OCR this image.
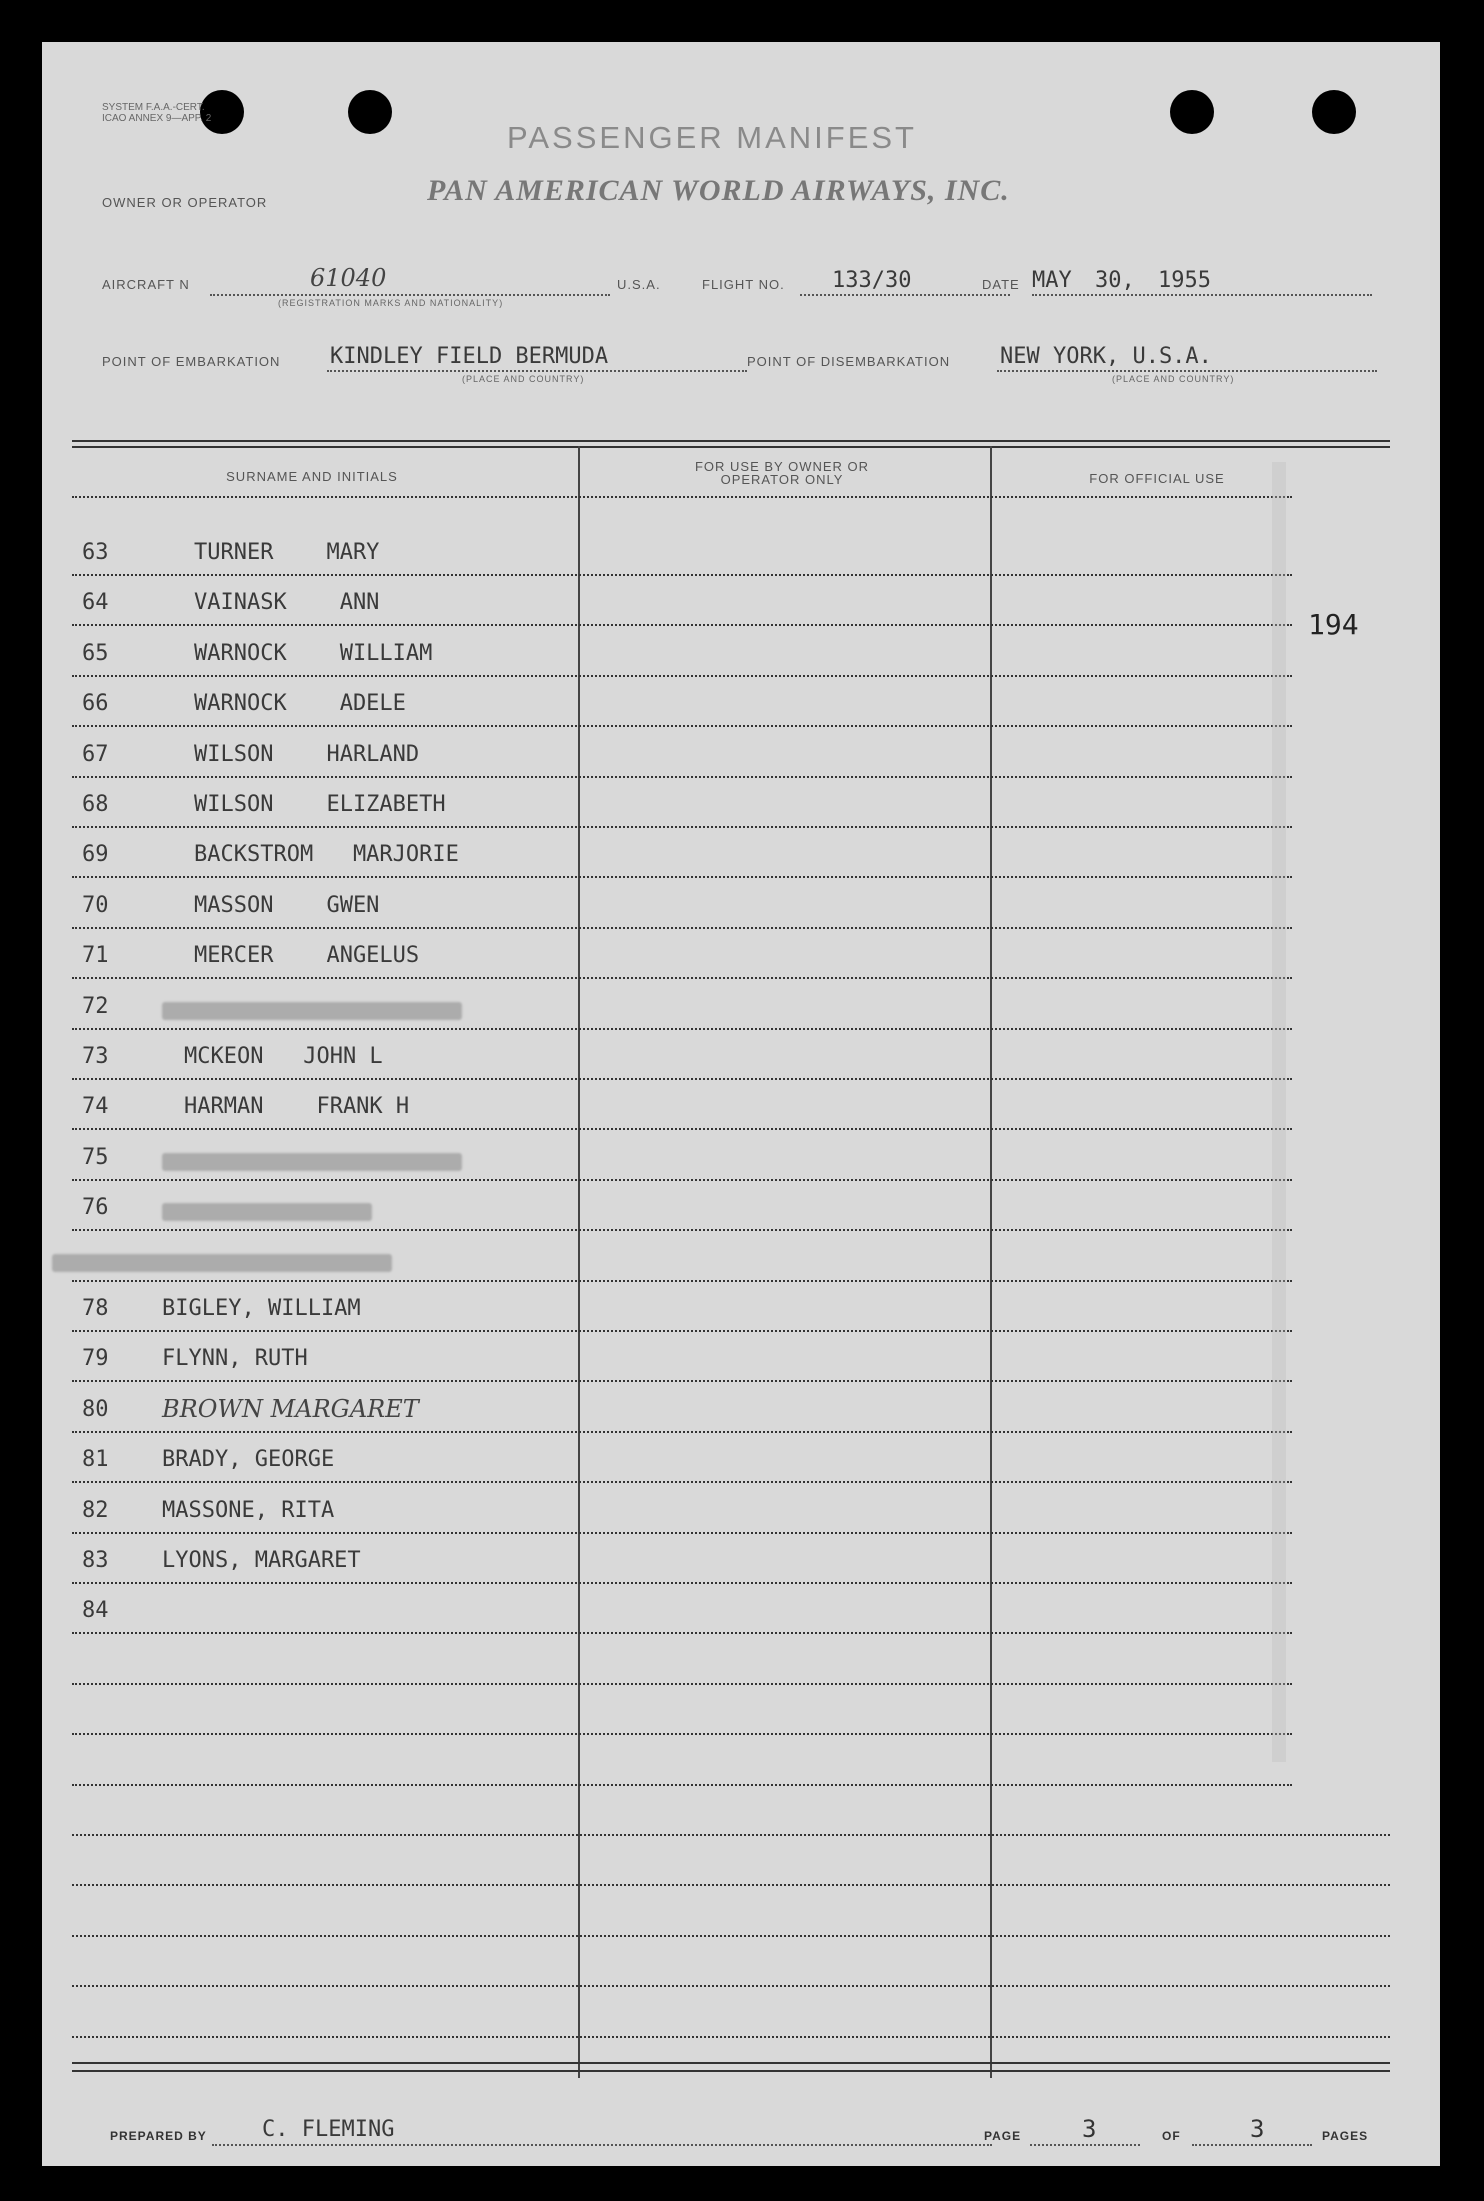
SYSTEM F.A.A.-CERT.
ICAO ANNEX 9—APP. 2
PASSENGER MANIFEST
OWNER OR OPERATOR	PAN AMERICAN WORLD AIRWAYS, INC.
AIRCRAFT N	61040
(REGISTRATION MARKS AND NATIONALITY)
U.S.A.	FLIGHT NO. 133/30	DATE MAY 30, 1955
POINT OF EMBARKATION KINDLEY FIELD BERMUDA
(PLACE AND COUNTRY)
POINT OF DISEMBARKATION NEW YORK, U.S.A.
(PLACE AND COUNTRY)
SURNAME AND INITIALS
FOR USE BY OWNER OR OPERATOR ONLY	FOR OFFICIAL USE
194
63	TURNER    MARY
64	VAINASK    ANN
65	WARNOCK    WILLIAM
66	WARNOCK    ADELE
67	WILSON    HARLAND
68	WILSON    ELIZABETH
69	BACKSTROM   MARJORIE
70	MASSON    GWEN
71	MERCER    ANGELUS
72
73	MCKEON   JOHN L
74	HARMAN    FRANK H
75
76
78 BIGLEY, WILLIAM
79 FLYNN, RUTH
80 BROWN MARGARET
81 BRADY, GEORGE
82 MASSONE, RITA
83 LYONS, MARGARET
84
PREPARED BY	C. FLEMING	PAGE	3	OF	3	PAGES
